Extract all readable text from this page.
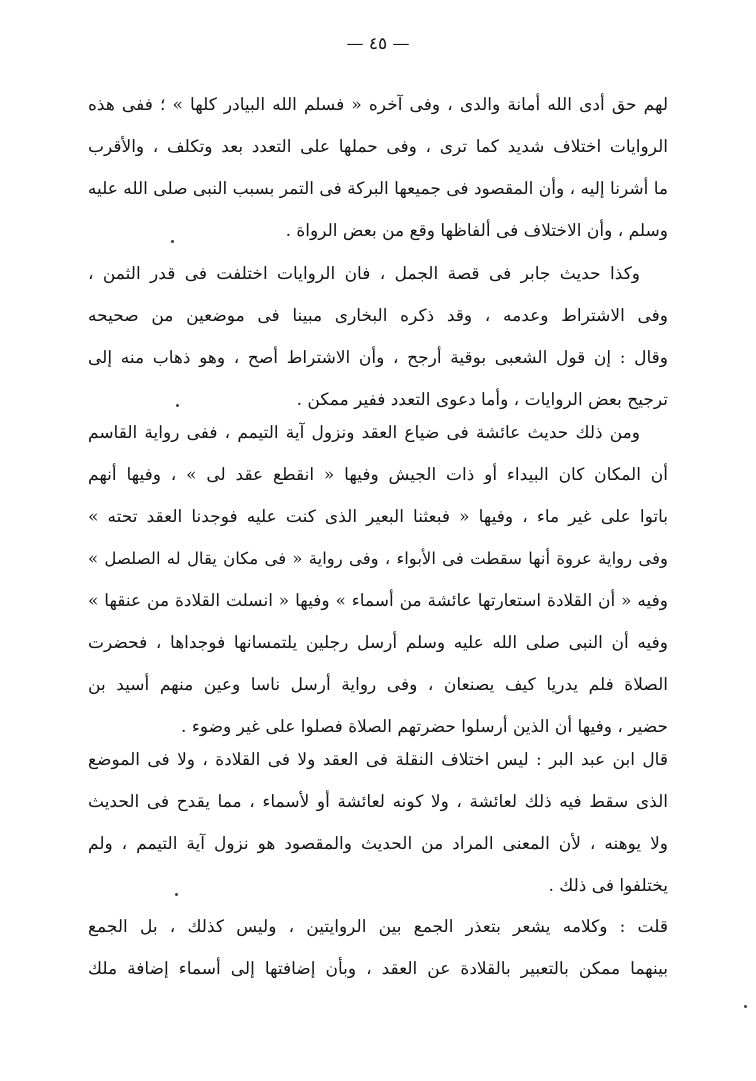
— ٤٥ —
لهم حق أدى الله أمانة والدى ، وفى آخره « فسلم الله البيادر كلها » ؛ ففى هذه
الروايات اختلاف شديد كما ترى ، وفى حملها على التعدد بعد وتكلف ، والأقرب
ما أشرنا إليه ، وأن المقصود فى جميعها البركة فى التمر بسبب النبى صلى الله عليه
وسلم ، وأن الاختلاف فى ألفاظها وقع من بعض الرواة .
وكذا حديث جابر فى قصة الجمل ، فان الروايات اختلفت فى قدر الثمن ،
وفى الاشتراط وعدمه ، وقد ذكره البخارى مبينا فى موضعين من صحيحه
وقال : إن قول الشعبى بوقية أرجح ، وأن الاشتراط أصح ، وهو ذهاب منه إلى
ترجيح بعض الروايات ، وأما دعوى التعدد ففير ممكن .
ومن ذلك حديث عائشة فى ضياع العقد ونزول آية التيمم ، ففى رواية القاسم
أن المكان كان البيداء أو ذات الجيش وفيها « انقطع عقد لى » ، وفيها أنهم
باتوا على غير ماء ، وفيها « فبعثنا البعير الذى كنت عليه فوجدنا العقد تحته »
وفى رواية عروة أنها سقطت فى الأبواء ، وفى رواية « فى مكان يقال له الصلصل »
وفيه « أن القلادة استعارتها عائشة من أسماء » وفيها « انسلت القلادة من عنقها »
وفيه أن النبى صلى الله عليه وسلم أرسل رجلين يلتمسانها فوجداها ، فحضرت
الصلاة فلم يدريا كيف يصنعان ، وفى رواية أرسل ناسا وعين منهم أسيد بن
حضير ، وفيها أن الذين أرسلوا حضرتهم الصلاة فصلوا على غير وضوء .
قال ابن عبد البر : ليس اختلاف النقلة فى العقد ولا فى القلادة ، ولا فى الموضع
الذى سقط فيه ذلك لعائشة ، ولا كونه لعائشة أو لأسماء ، مما يقدح فى الحديث
ولا يوهنه ، لأن المعنى المراد من الحديث والمقصود هو نزول آية التيمم ، ولم
يختلفوا فى ذلك .
قلت : وكلامه يشعر بتعذر الجمع بين الروايتين ، وليس كذلك ، بل الجمع
بينهما ممكن بالتعبير بالقلادة عن العقد ، وبأن إضافتها إلى أسماء إضافة ملك
